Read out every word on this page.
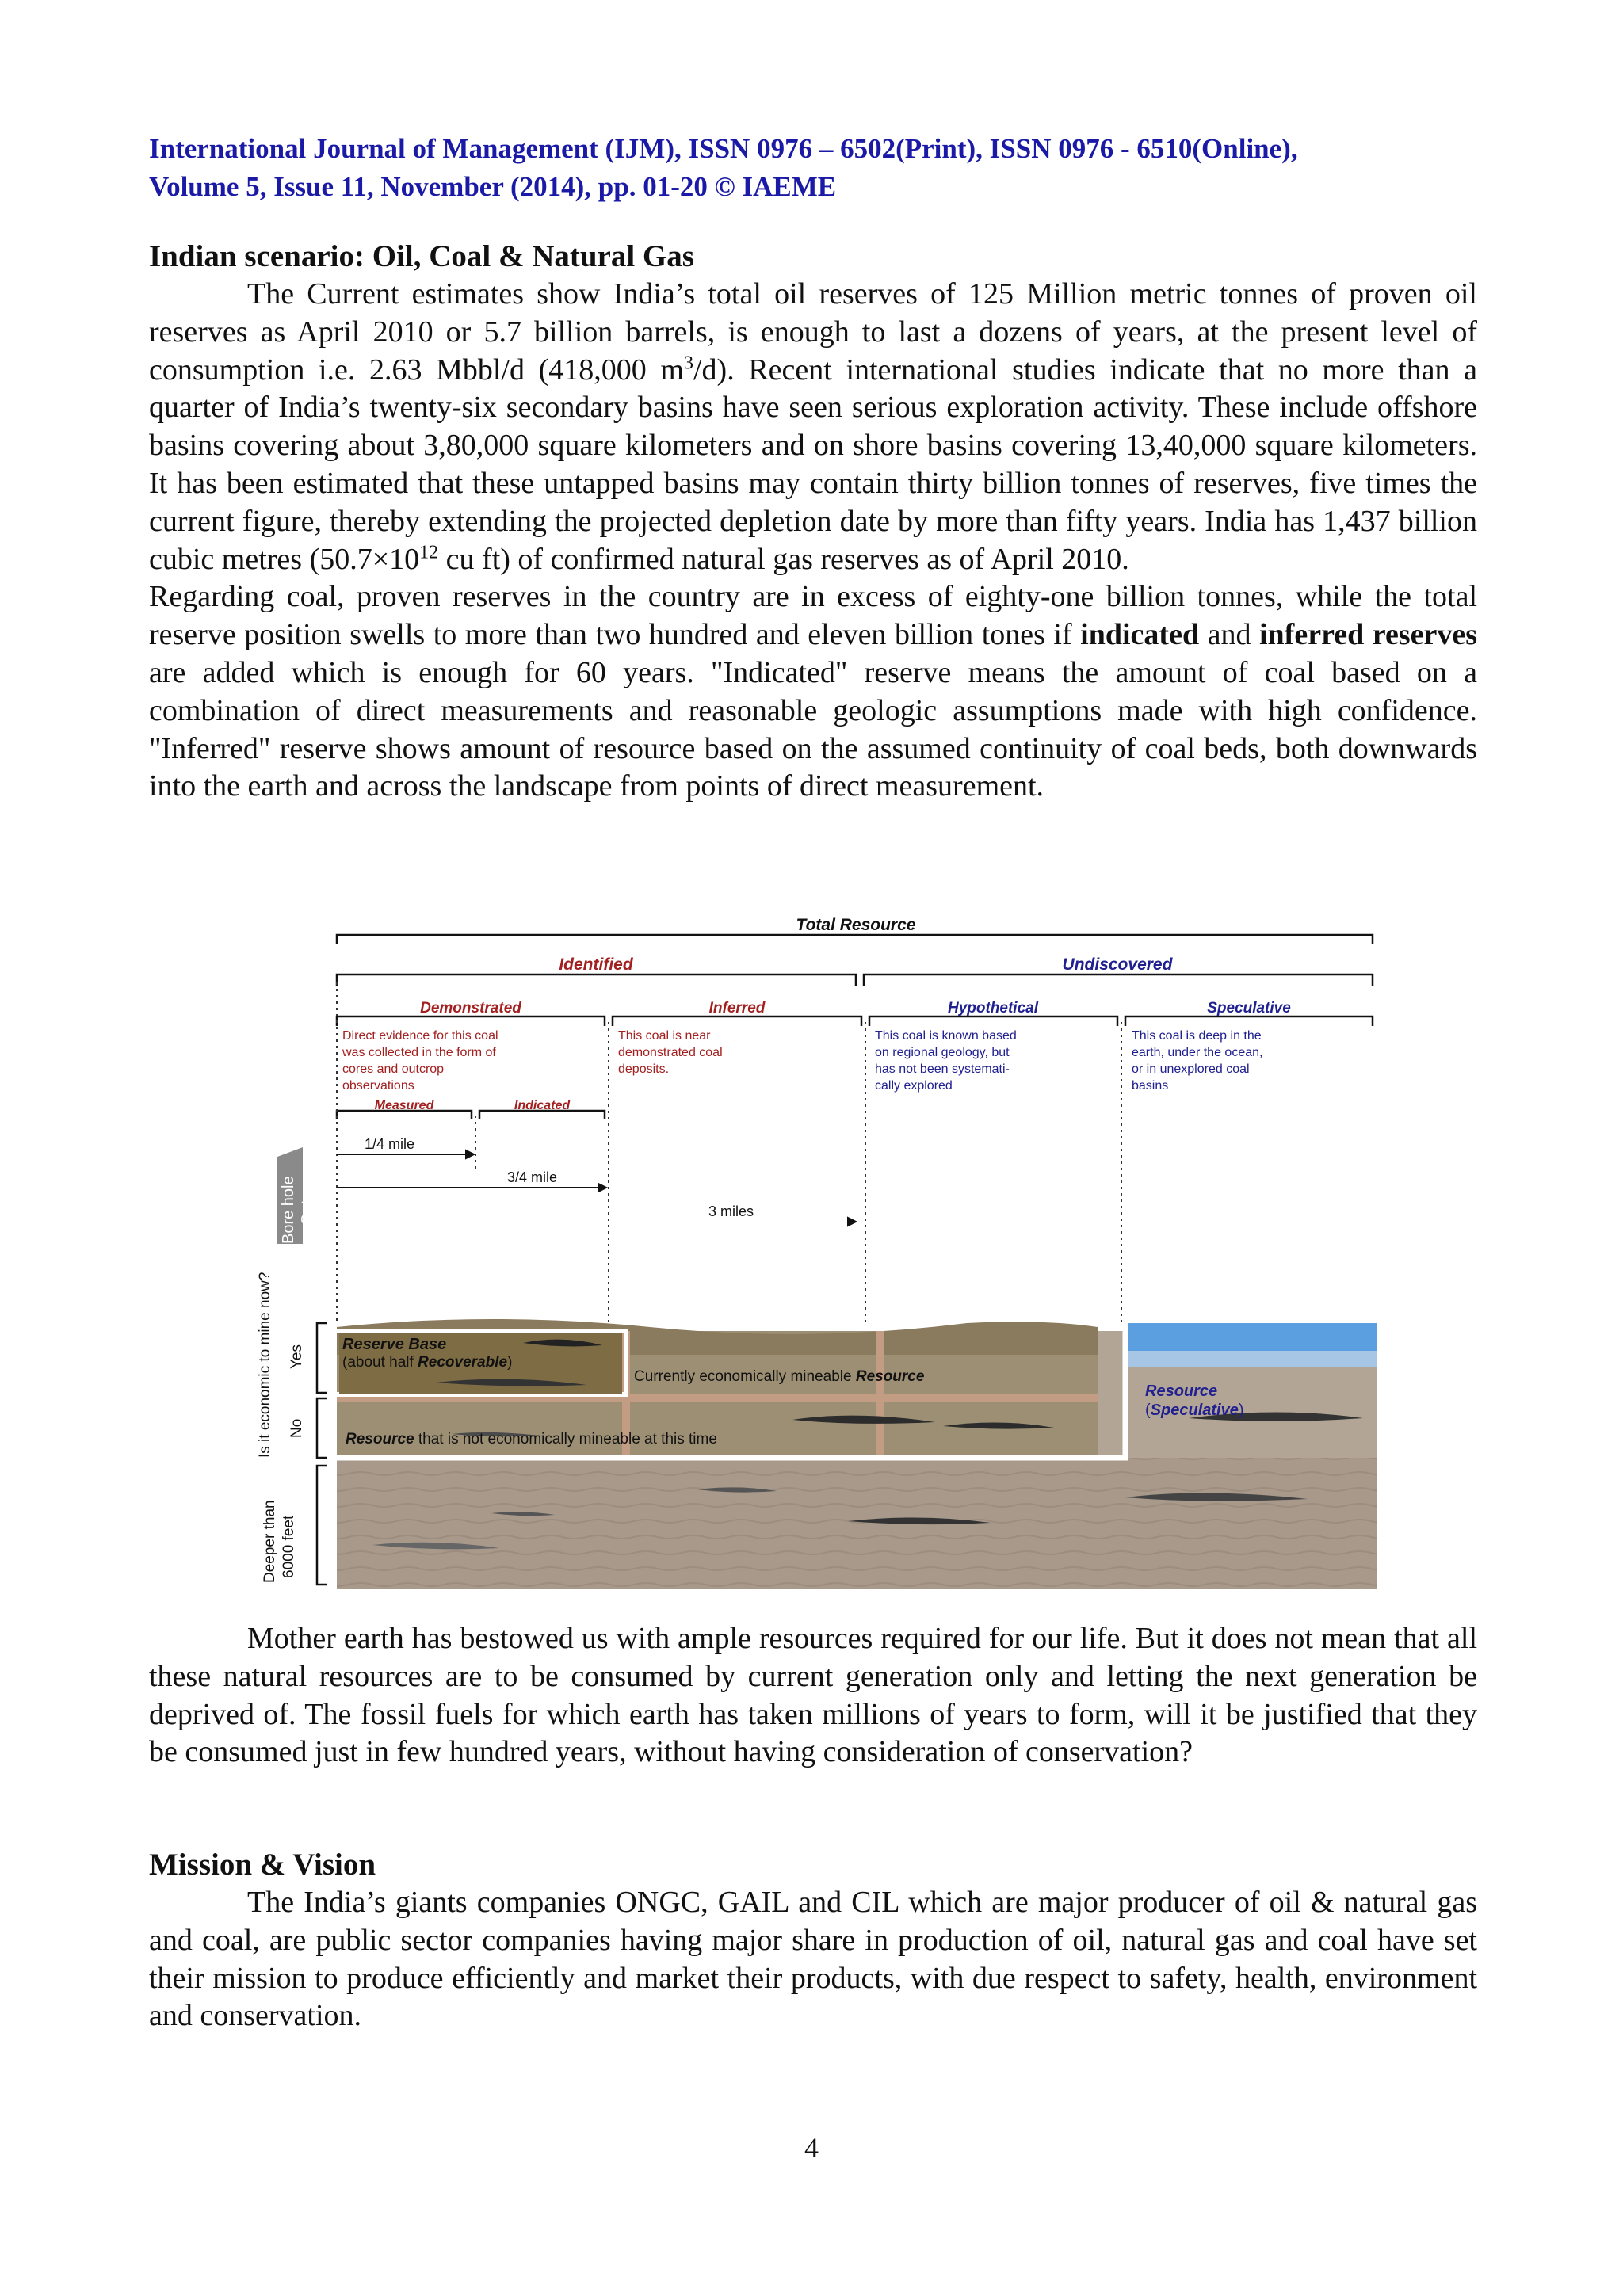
International Journal of Management (IJM), ISSN 0976 – 6502(Print), ISSN 0976 - 6510(Online),
Volume 5, Issue 11, November (2014), pp. 01-20 © IAEME
Indian scenario: Oil, Coal & Natural Gas

The Current estimates show India’s total oil reserves of 125 Million metric tonnes of proven oil reserves as April 2010 or 5.7 billion barrels, is enough to last a dozens of years, at the present level of consumption i.e. 2.63 Mbbl/d (418,000 $m^3/d$). Recent international studies indicate that no more than a quarter of India’s twenty-six secondary basins have seen serious exploration activity. These include offshore basins covering about 3,80,000 square kilometers and on shore basins covering 13,40,000 square kilometers. It has been estimated that these untapped basins may contain thirty billion tonnes of reserves, five times the current figure, thereby extending the projected depletion date by more than fifty years. India has 1,437 billion cubic metres ($50.7\times 10^{12}$ cu ft) of confirmed natural gas reserves as of April 2010.

Regarding coal, proven reserves in the country are in excess of eighty-one billion tonnes, while the total reserve position swells to more than two hundred and eleven billion tones if indicated and inferred reserves are added which is enough for 60 years. "Indicated" reserve means the amount of coal based on a combination of direct measurements and reasonable geologic assumptions made with high confidence. "Inferred" reserve shows amount of resource based on the assumed continuity of coal beds, both downwards into the earth and across the landscape from points of direct measurement.

Total Resource
Identified	Undiscovered
Demonstrated	Inferred	Hypothetical	Speculative
Direct evidence for this coal
was collected in the form of
cores and outcrop
observations
This coal is near
demonstrated coal
deposits.
This coal is known based
on regional geology, but
has not been systemati-
cally explored
This coal is deep in the
earth, under the ocean,
or in unexplored coal
basins
Measured	Indicated
1/4 mile
3/4 mile
3 miles
Bore hole or Outcrop
Is it economic to mine now? Yes
No
Deeper than 6000 feet
Reserve Base
(about half Recoverable)
Currently economically mineable Resource
Resource that is not economically mineable at this time
Resource
(Speculative)

Mother earth has bestowed us with ample resources required for our life. But it does not mean that all these natural resources are to be consumed by current generation only and letting the next generation be deprived of. The fossil fuels for which earth has taken millions of years to form, will it be justified that they be consumed just in few hundred years, without having consideration of conservation?

Mission & Vision

The India’s giants companies ONGC, GAIL and CIL which are major producer of oil & natural gas and coal, are public sector companies having major share in production of oil, natural gas and coal have set their mission to produce efficiently and market their products, with due respect to safety, health, environment and conservation.

4
